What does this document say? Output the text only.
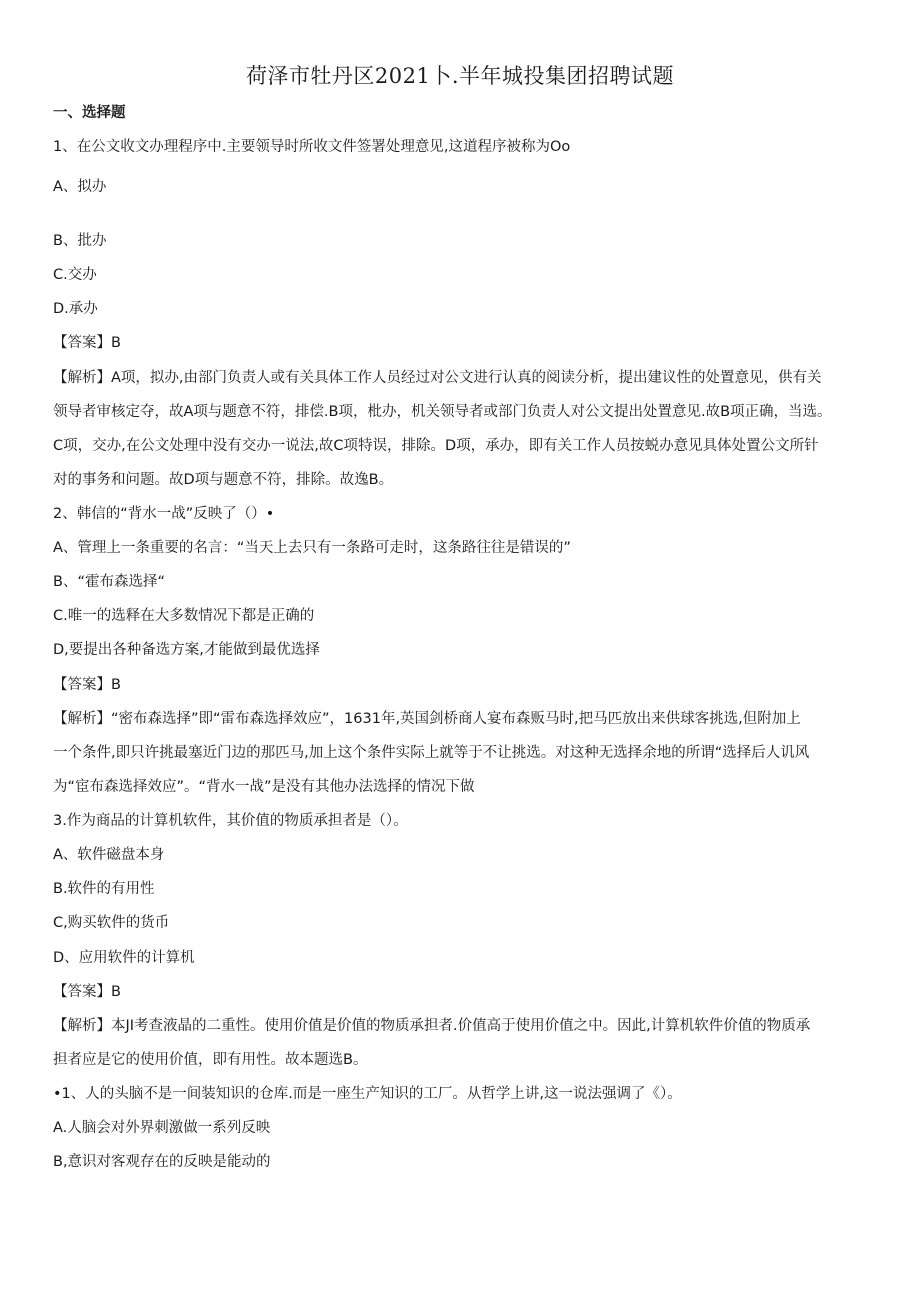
荷泽市牡丹区2021卜.半年城投集团招聘试题
一、选择题
1、在公文收文办理程序中.主要领导时所收文件签署处理意见,这道程序被称为Oo
A、拟办
B、批办
C.交办
D.承办
【答案】B
【解析】A项，拟办,由部门负责人或有关具体工作人员经过对公文进行认真的阅读分析，提出建议性的处置意见，供有关
领导者审核定夺，故A项与题意不符，排偿.B项，枇办，机关领导者或部门负责人对公文提出处置意见.故B项正确，当选。
C项，交办,在公文处理中没有交办一说法,故C项特误，排除。D项，承办，即有关工作人员按蜕办意见具体处置公文所针
对的事务和问题。故D项与题意不符，排除。故逸B。
2、韩信的“背水一战”反映了（）•
A、管理上一条重要的名言：“当天上去只有一条路可走时，这条路往往是错误的”
B、“霍布森选择“
C.唯一的选释在大多数情况下都是正确的
D,要提出各种备选方案,才能做到最优选择
【答案】B
【解析】“密布森选择”即“雷布森选择效应”，1631年,英国剑桥商人宴布森贩马时,把马匹放出来供球客挑选,但附加上
一个条件,即只许挑最塞近门边的那匹马,加上这个条件实际上就等于不让挑选。对这种无选择余地的所谓“选择后人讥风
为“宦布森选择效应”。“背水一战”是没有其他办法选择的情况下做
3.作为商品的计算机软件，其价值的物质承担者是（）。
A、软件磁盘本身
B.软件的有用性
C,购买软件的货币
D、应用软件的计算机
【答案】B
【解析】本JI考查液晶的二重性。使用价值是价值的物质承担者.价值高于使用价值之中。因此,计算机软件价值的物质承
担者应是它的使用价值，即有用性。故本题选B。
•1、人的头脑不是一间装知识的仓库.而是一座生产知识的工厂。从哲学上讲,这一说法强调了《）。
A.人脑会对外界刺激做一系列反映
B,意识对客观存在的反映是能动的
